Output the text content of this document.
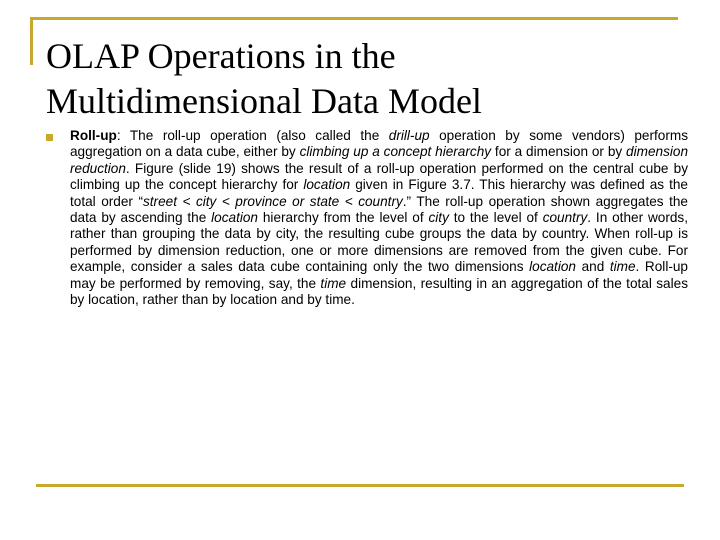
OLAP Operations in the
Multidimensional Data Model

Roll-up: The roll-up operation (also called the drill-up operation by some vendors) performs aggregation on a data cube, either by climbing up a concept hierarchy for a dimension or by dimension reduction. Figure (slide 19) shows the result of a roll-up operation performed on the central cube by climbing up the concept hierarchy for location given in Figure 3.7. This hierarchy was defined as the total order “street < city < province or state < country.” The roll-up operation shown aggregates the data by ascending the location hierarchy from the level of city to the level of country. In other words, rather than grouping the data by city, the resulting cube groups the data by country. When roll-up is performed by dimension reduction, one or more dimensions are removed from the given cube. For example, consider a sales data cube containing only the two dimensions location and time. Roll-up may be performed by removing, say, the time dimension, resulting in an aggregation of the total sales by location, rather than by location and by time.
